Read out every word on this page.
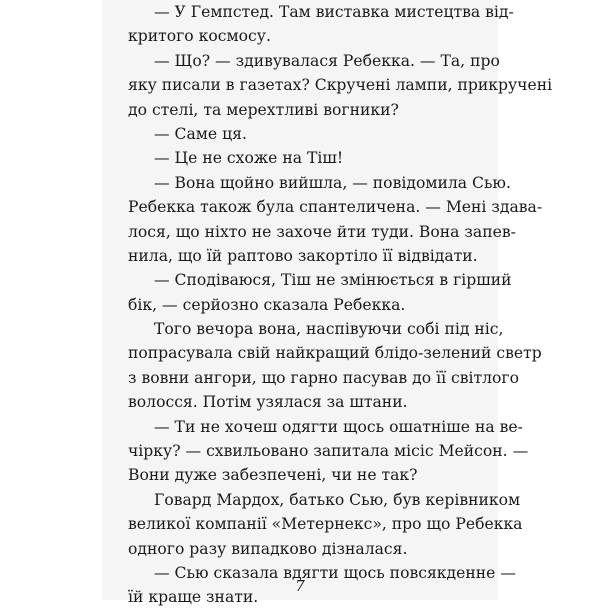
— У Гемпстед. Там виставка мистецтва від-
критого космосу.
— Що? — здивувалася Ребекка. — Та, про
яку писали в газетах? Скручені лампи, прикручені
до стелі, та мерехтливі вогники?
— Саме ця.
— Це не схоже на Тіш!
— Вона щойно вийшла, — повідомила Сью.
Ребекка також була спантеличена. — Мені здава-
лося, що ніхто не захоче йти туди. Вона запев-
нила, що їй раптово закортіло її відвідати.
— Сподіваюся, Тіш не змінюється в гірший
бік, — серйозно сказала Ребекка.
Того вечора вона, наспівуючи собі під ніс,
попрасувала свій найкращий блідо-зелений светр
з вовни ангори, що гарно пасував до її світлого
волосся. Потім узялася за штани.
— Ти не хочеш одягти щось ошатніше на ве-
чірку? — схвильовано запитала місіс Мейсон. —
Вони дуже забезпечені, чи не так?
Говард Мардох, батько Сью, був керівником
великої компанії «Метернекс», про що Ребекка
одного разу випадково дізналася.
— Сью сказала вдягти щось повсякденне —
їй краще знати.
7
